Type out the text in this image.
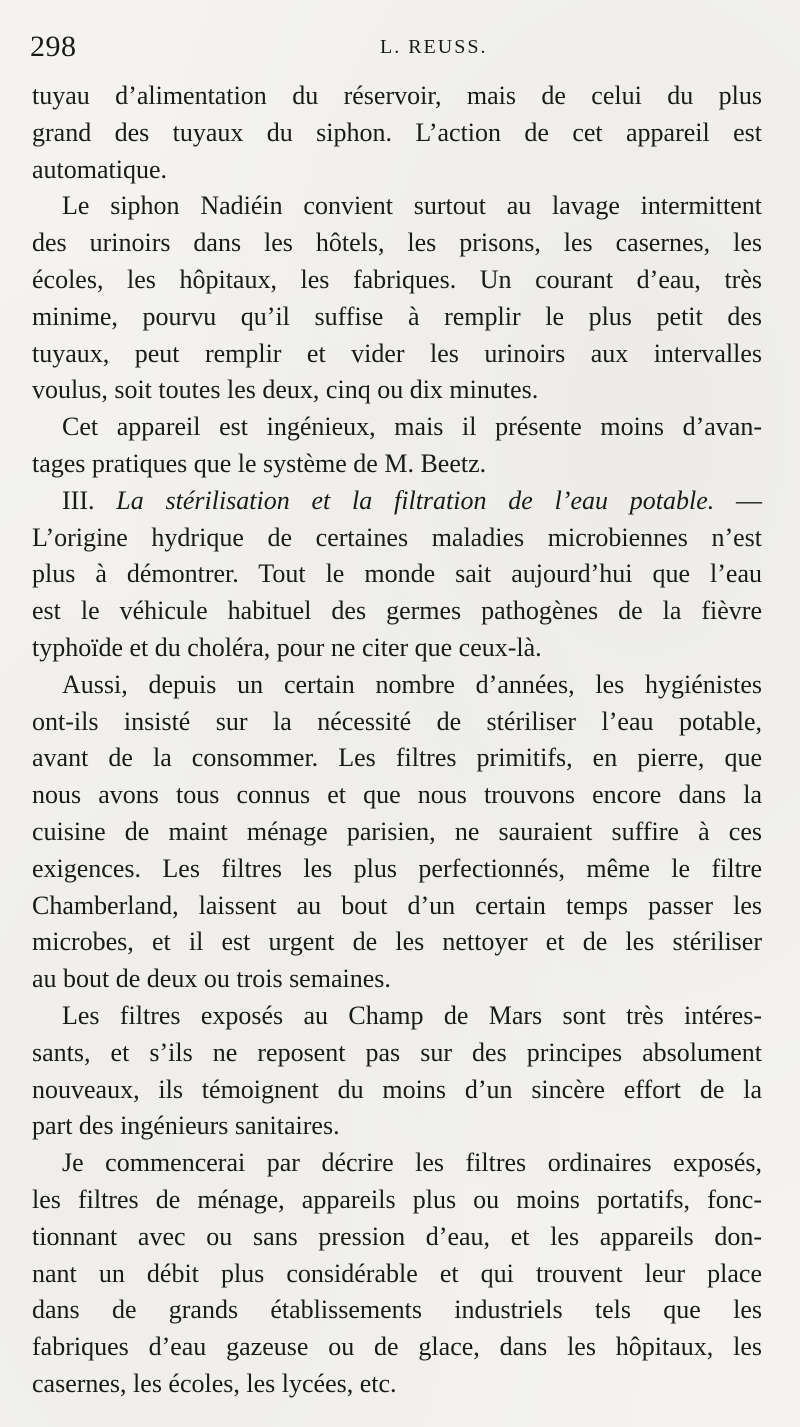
298	L. REUSS.
tuyau d’alimentation du réservoir, mais de celui du plus
grand des tuyaux du siphon. L’action de cet appareil est
automatique.
Le siphon Nadiéin convient surtout au lavage intermittent
des urinoirs dans les hôtels, les prisons, les casernes, les
écoles, les hôpitaux, les fabriques. Un courant d’eau, très
minime, pourvu qu’il suffise à remplir le plus petit des
tuyaux, peut remplir et vider les urinoirs aux intervalles
voulus, soit toutes les deux, cinq ou dix minutes.
Cet appareil est ingénieux, mais il présente moins d’avan-
tages pratiques que le système de M. Beetz.
III. La stérilisation et la filtration de l’eau potable. —
L’origine hydrique de certaines maladies microbiennes n’est
plus à démontrer. Tout le monde sait aujourd’hui que l’eau
est le véhicule habituel des germes pathogènes de la fièvre
typhoïde et du choléra, pour ne citer que ceux-là.
Aussi, depuis un certain nombre d’années, les hygiénistes
ont-ils insisté sur la nécessité de stériliser l’eau potable,
avant de la consommer. Les filtres primitifs, en pierre, que
nous avons tous connus et que nous trouvons encore dans la
cuisine de maint ménage parisien, ne sauraient suffire à ces
exigences. Les filtres les plus perfectionnés, même le filtre
Chamberland, laissent au bout d’un certain temps passer les
microbes, et il est urgent de les nettoyer et de les stériliser
au bout de deux ou trois semaines.
Les filtres exposés au Champ de Mars sont très intéres-
sants, et s’ils ne reposent pas sur des principes absolument
nouveaux, ils témoignent du moins d’un sincère effort de la
part des ingénieurs sanitaires.
Je commencerai par décrire les filtres ordinaires exposés,
les filtres de ménage, appareils plus ou moins portatifs, fonc-
tionnant avec ou sans pression d’eau, et les appareils don-
nant un débit plus considérable et qui trouvent leur place
dans de grands établissements industriels tels que les
fabriques d’eau gazeuse ou de glace, dans les hôpitaux, les
casernes, les écoles, les lycées, etc.
